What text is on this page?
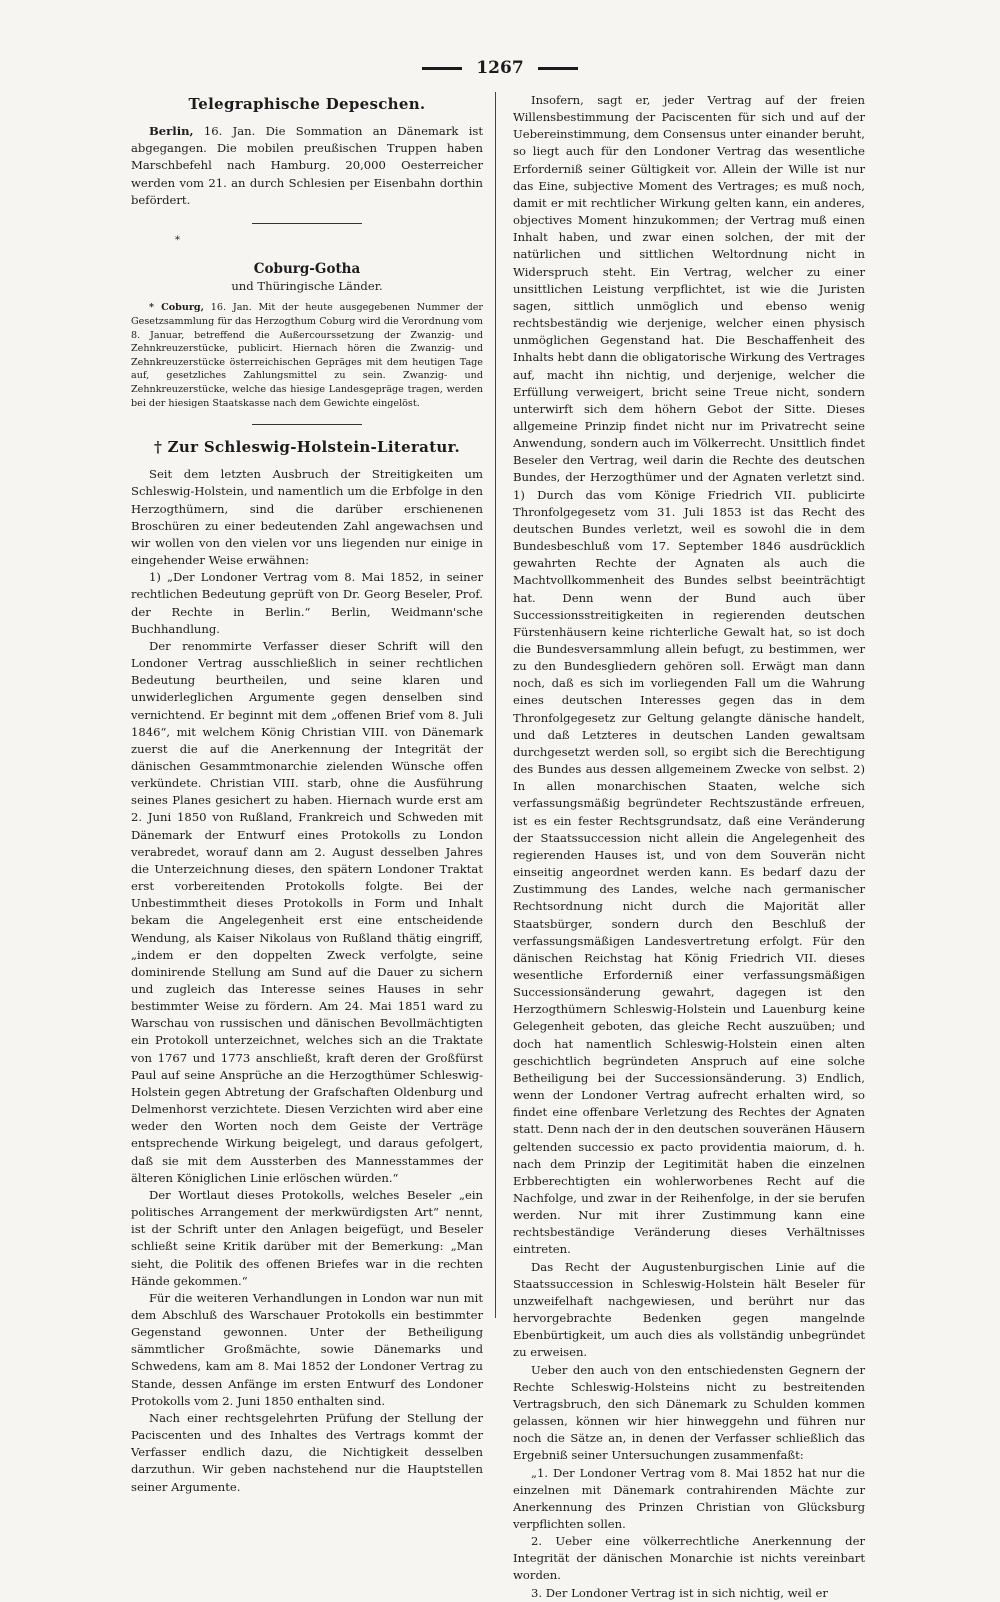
1267
Telegraphische Depeschen.

Berlin, 16. Jan. Die Sommation an Dänemark ist abgegangen. Die mobilen preußischen Truppen haben Marschbefehl nach Hamburg. 20,000 Oesterreicher werden vom 21. an durch Schlesien per Eisenbahn dorthin befördert.

*
Coburg-Gotha
und Thüringische Länder.

* Coburg, 16. Jan. Mit der heute ausgegebenen Nummer der Gesetzsammlung für das Herzogthum Coburg wird die Verordnung vom 8. Januar, betreffend die Außercourssetzung der Zwanzig- und Zehnkreuzerstücke, publicirt. Hiernach hören die Zwanzig- und Zehnkreuzerstücke österreichischen Gepräges mit dem heutigen Tage auf, gesetzliches Zahlungsmittel zu sein. Zwanzig- und Zehnkreuzerstücke, welche das hiesige Landesgepräge tragen, werden bei der hiesigen Staatskasse nach dem Gewichte eingelöst.

† Zur Schleswig-Holstein-Literatur.

Seit dem letzten Ausbruch der Streitigkeiten um Schleswig-Holstein, und namentlich um die Erbfolge in den Herzogthümern, sind die darüber erschienenen Broschüren zu einer bedeutenden Zahl angewachsen und wir wollen von den vielen vor uns liegenden nur einige in eingehender Weise erwähnen:

1) „Der Londoner Vertrag vom 8. Mai 1852, in seiner rechtlichen Bedeutung geprüft von Dr. Georg Beseler, Prof. der Rechte in Berlin.“ Berlin, Weidmann'sche Buchhandlung.

Der renommirte Verfasser dieser Schrift will den Londoner Vertrag ausschließlich in seiner rechtlichen Bedeutung beurtheilen, und seine klaren und unwiderleglichen Argumente gegen denselben sind vernichtend. Er beginnt mit dem „offenen Brief vom 8. Juli 1846“, mit welchem König Christian VIII. von Dänemark zuerst die auf die Anerkennung der Integrität der dänischen Gesammtmonarchie zielenden Wünsche offen verkündete. Christian VIII. starb, ohne die Ausführung seines Planes gesichert zu haben. Hiernach wurde erst am 2. Juni 1850 von Rußland, Frankreich und Schweden mit Dänemark der Entwurf eines Protokolls zu London verabredet, worauf dann am 2. August desselben Jahres die Unterzeichnung dieses, den spätern Londoner Traktat erst vorbereitenden Protokolls folgte. Bei der Unbestimmtheit dieses Protokolls in Form und Inhalt bekam die Angelegenheit erst eine entscheidende Wendung, als Kaiser Nikolaus von Rußland thätig eingriff, „indem er den doppelten Zweck verfolgte, seine dominirende Stellung am Sund auf die Dauer zu sichern und zugleich das Interesse seines Hauses in sehr bestimmter Weise zu fördern. Am 24. Mai 1851 ward zu Warschau von russischen und dänischen Bevollmächtigten ein Protokoll unterzeichnet, welches sich an die Traktate von 1767 und 1773 anschließt, kraft deren der Großfürst Paul auf seine Ansprüche an die Herzogthümer Schleswig-Holstein gegen Abtretung der Grafschaften Oldenburg und Delmenhorst verzichtete. Diesen Verzichten wird aber eine weder den Worten noch dem Geiste der Verträge entsprechende Wirkung beigelegt, und daraus gefolgert, daß sie mit dem Aussterben des Mannesstammes der älteren Königlichen Linie erlöschen würden.“

Der Wortlaut dieses Protokolls, welches Beseler „ein politisches Arrangement der merkwürdigsten Art“ nennt, ist der Schrift unter den Anlagen beigefügt, und Beseler schließt seine Kritik darüber mit der Bemerkung: „Man sieht, die Politik des offenen Briefes war in die rechten Hände gekommen.“

Für die weiteren Verhandlungen in London war nun mit dem Abschluß des Warschauer Protokolls ein bestimmter Gegenstand gewonnen. Unter der Betheiligung sämmtlicher Großmächte, sowie Dänemarks und Schwedens, kam am 8. Mai 1852 der Londoner Vertrag zu Stande, dessen Anfänge im ersten Entwurf des Londoner Protokolls vom 2. Juni 1850 enthalten sind.

Nach einer rechtsgelehrten Prüfung der Stellung der Paciscenten und des Inhaltes des Vertrags kommt der Verfasser endlich dazu, die Nichtigkeit desselben darzuthun. Wir geben nachstehend nur die Hauptstellen seiner Argumente.

Insofern, sagt er, jeder Vertrag auf der freien Willensbestimmung der Paciscenten für sich und auf der Uebereinstimmung, dem Consensus unter einander beruht, so liegt auch für den Londoner Vertrag das wesentliche Erforderniß seiner Gültigkeit vor. Allein der Wille ist nur das Eine, subjective Moment des Vertrages; es muß noch, damit er mit rechtlicher Wirkung gelten kann, ein anderes, objectives Moment hinzukommen; der Vertrag muß einen Inhalt haben, und zwar einen solchen, der mit der natürlichen und sittlichen Weltordnung nicht in Widerspruch steht. Ein Vertrag, welcher zu einer unsittlichen Leistung verpflichtet, ist wie die Juristen sagen, sittlich unmöglich und ebenso wenig rechtsbeständig wie derjenige, welcher einen physisch unmöglichen Gegenstand hat. Die Beschaffenheit des Inhalts hebt dann die obligatorische Wirkung des Vertrages auf, macht ihn nichtig, und derjenige, welcher die Erfüllung verweigert, bricht seine Treue nicht, sondern unterwirft sich dem höhern Gebot der Sitte. Dieses allgemeine Prinzip findet nicht nur im Privatrecht seine Anwendung, sondern auch im Völkerrecht. Unsittlich findet Beseler den Vertrag, weil darin die Rechte des deutschen Bundes, der Herzogthümer und der Agnaten verletzt sind. 1) Durch das vom Könige Friedrich VII. publicirte Thronfolgegesetz vom 31. Juli 1853 ist das Recht des deutschen Bundes verletzt, weil es sowohl die in dem Bundesbeschluß vom 17. September 1846 ausdrücklich gewahrten Rechte der Agnaten als auch die Machtvollkommenheit des Bundes selbst beeinträchtigt hat. Denn wenn der Bund auch über Successionsstreitigkeiten in regierenden deutschen Fürstenhäusern keine richterliche Gewalt hat, so ist doch die Bundesversammlung allein befugt, zu bestimmen, wer zu den Bundesgliedern gehören soll. Erwägt man dann noch, daß es sich im vorliegenden Fall um die Wahrung eines deutschen Interesses gegen das in dem Thronfolgegesetz zur Geltung gelangte dänische handelt, und daß Letzteres in deutschen Landen gewaltsam durchgesetzt werden soll, so ergibt sich die Berechtigung des Bundes aus dessen allgemeinem Zwecke von selbst. 2) In allen monarchischen Staaten, welche sich verfassungsmäßig begründeter Rechtszustände erfreuen, ist es ein fester Rechtsgrundsatz, daß eine Veränderung der Staatssuccession nicht allein die Angelegenheit des regierenden Hauses ist, und von dem Souverän nicht einseitig angeordnet werden kann. Es bedarf dazu der Zustimmung des Landes, welche nach germanischer Rechtsordnung nicht durch die Majorität aller Staatsbürger, sondern durch den Beschluß der verfassungsmäßigen Landesvertretung erfolgt. Für den dänischen Reichstag hat König Friedrich VII. dieses wesentliche Erforderniß einer verfassungsmäßigen Successionsänderung gewahrt, dagegen ist den Herzogthümern Schleswig-Holstein und Lauenburg keine Gelegenheit geboten, das gleiche Recht auszuüben; und doch hat namentlich Schleswig-Holstein einen alten geschichtlich begründeten Anspruch auf eine solche Betheiligung bei der Successionsänderung. 3) Endlich, wenn der Londoner Vertrag aufrecht erhalten wird, so findet eine offenbare Verletzung des Rechtes der Agnaten statt. Denn nach der in den deutschen souveränen Häusern geltenden successio ex pacto providentia maiorum, d. h. nach dem Prinzip der Legitimität haben die einzelnen Erbberechtigten ein wohlerworbenes Recht auf die Nachfolge, und zwar in der Reihenfolge, in der sie berufen werden. Nur mit ihrer Zustimmung kann eine rechtsbeständige Veränderung dieses Verhältnisses eintreten.

Das Recht der Augustenburgischen Linie auf die Staatssuccession in Schleswig-Holstein hält Beseler für unzweifelhaft nachgewiesen, und berührt nur das hervorgebrachte Bedenken gegen mangelnde Ebenbürtigkeit, um auch dies als vollständig unbegründet zu erweisen.

Ueber den auch von den entschiedensten Gegnern der Rechte Schleswig-Holsteins nicht zu bestreitenden Vertragsbruch, den sich Dänemark zu Schulden kommen gelassen, können wir hier hinweggehn und führen nur noch die Sätze an, in denen der Verfasser schließlich das Ergebniß seiner Untersuchungen zusammenfaßt:

„1. Der Londoner Vertrag vom 8. Mai 1852 hat nur die einzelnen mit Dänemark contrahirenden Mächte zur Anerkennung des Prinzen Christian von Glücksburg verpflichten sollen.

2. Ueber eine völkerrechtliche Anerkennung der Integrität der dänischen Monarchie ist nichts vereinbart worden.

3. Der Londoner Vertrag ist in sich nichtig, weil er
